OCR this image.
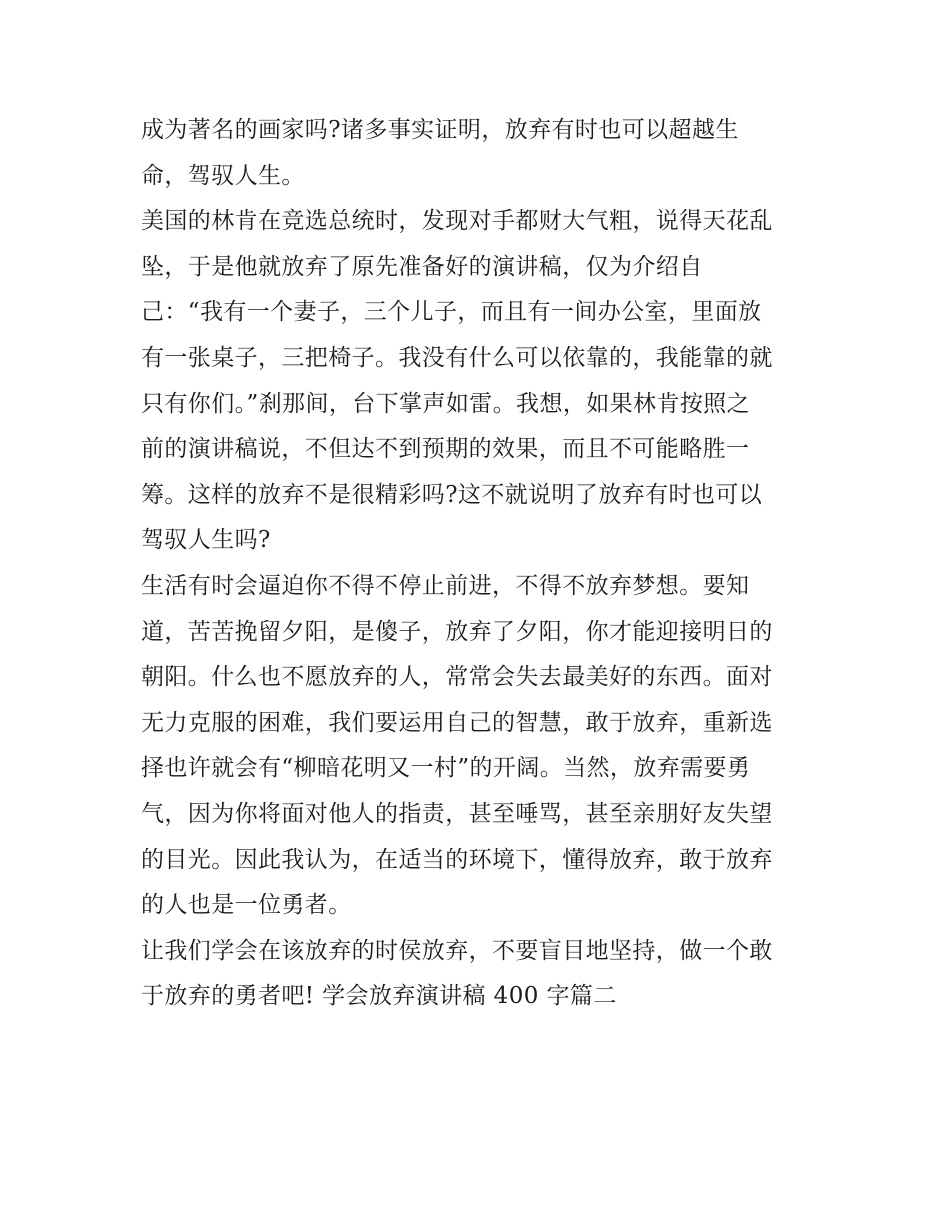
成为著名的画家吗?诸多事实证明，放弃有时也可以超越生
命，驾驭人生。
美国的林肯在竞选总统时，发现对手都财大气粗，说得天花乱
坠，于是他就放弃了原先准备好的演讲稿，仅为介绍自
己：“我有一个妻子，三个儿子，而且有一间办公室，里面放
有一张桌子，三把椅子。我没有什么可以依靠的，我能靠的就
只有你们。”刹那间，台下掌声如雷。我想，如果林肯按照之
前的演讲稿说，不但达不到预期的效果，而且不可能略胜一
筹。这样的放弃不是很精彩吗?这不就说明了放弃有时也可以
驾驭人生吗?
生活有时会逼迫你不得不停止前进，不得不放弃梦想。要知
道，苦苦挽留夕阳，是傻子，放弃了夕阳，你才能迎接明日的
朝阳。什么也不愿放弃的人，常常会失去最美好的东西。面对
无力克服的困难，我们要运用自己的智慧，敢于放弃，重新选
择也许就会有“柳暗花明又一村”的开阔。当然，放弃需要勇
气，因为你将面对他人的指责，甚至唾骂，甚至亲朋好友失望
的目光。因此我认为，在适当的环境下，懂得放弃，敢于放弃
的人也是一位勇者。
让我们学会在该放弃的时侯放弃，不要盲目地坚持，做一个敢
于放弃的勇者吧! 学会放弃演讲稿 400 字篇二
